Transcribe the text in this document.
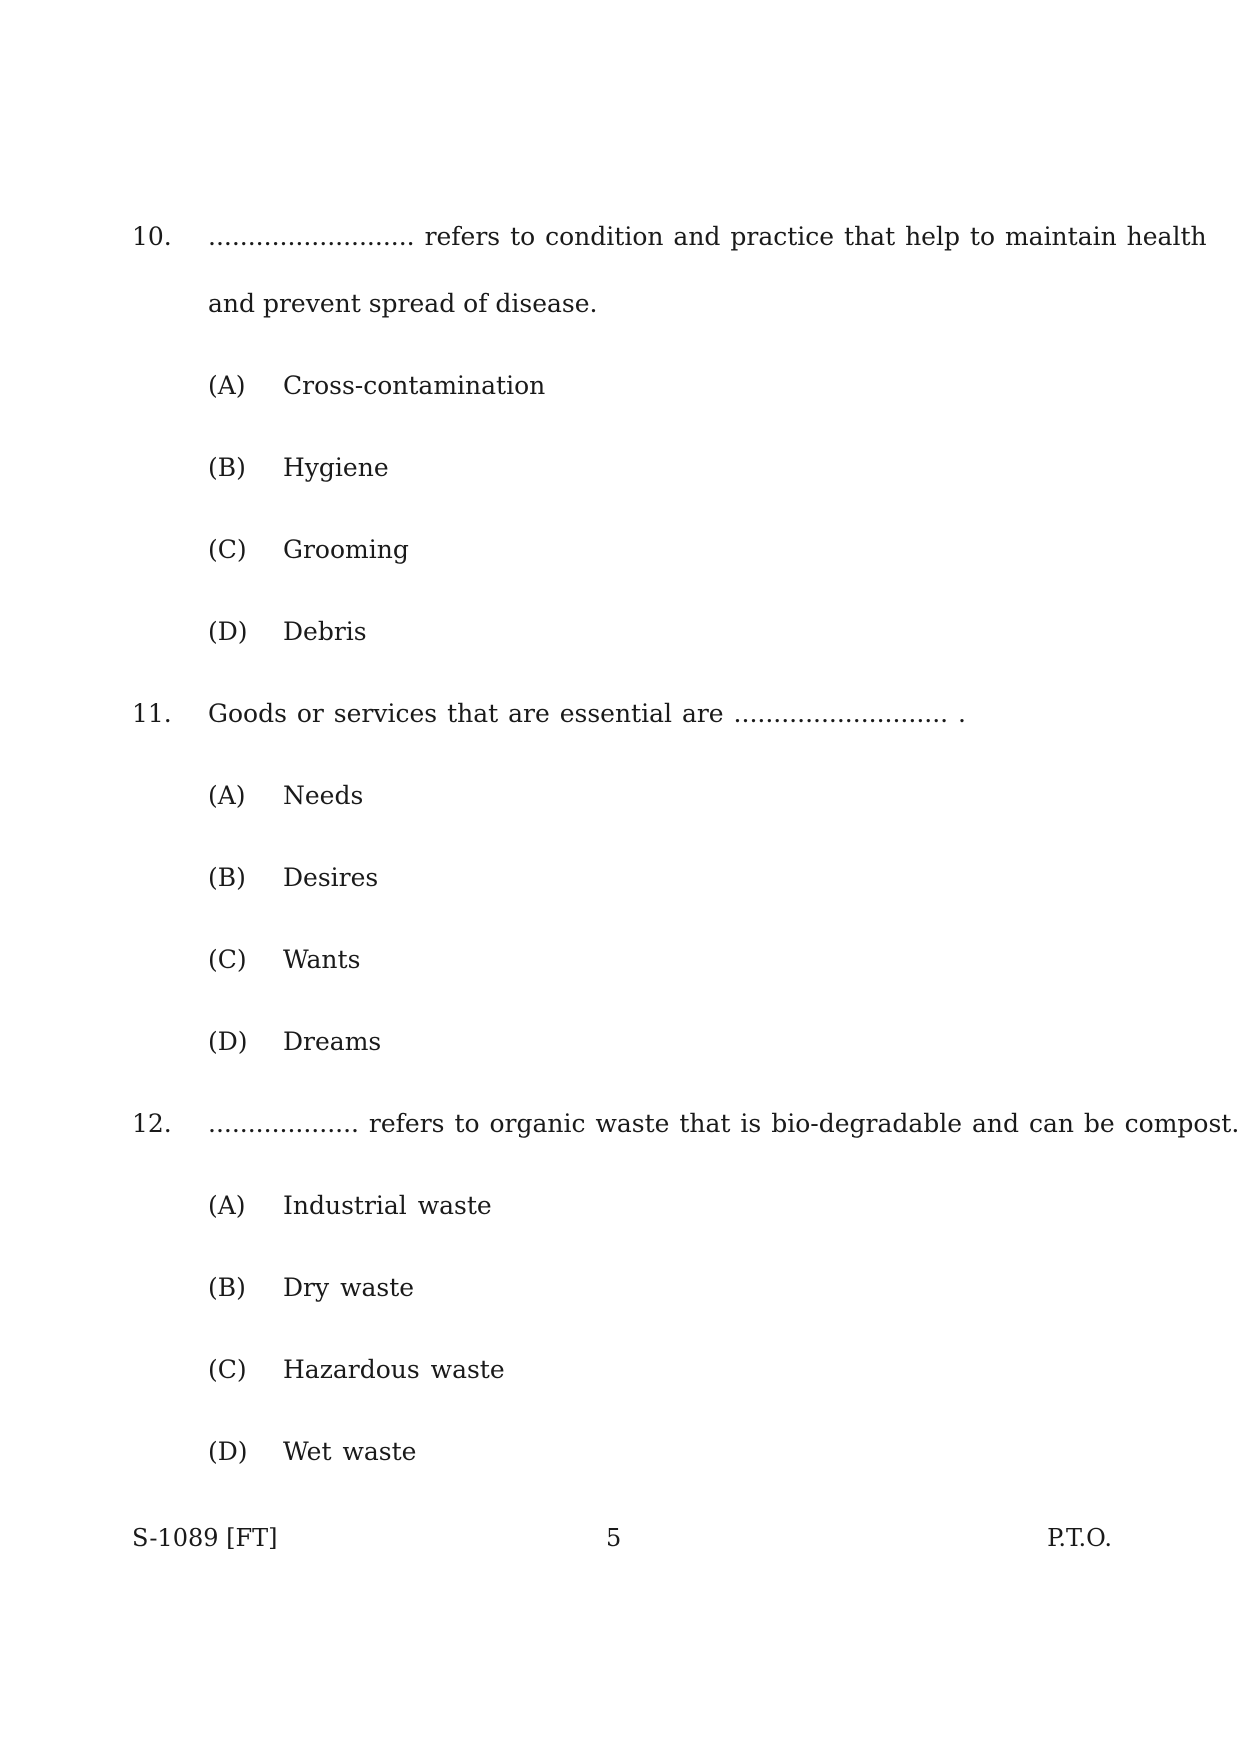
10. .......................... refers to condition and practice that help to maintain health
and prevent spread of disease.
(A) Cross-contamination
(B) Hygiene
(C) Grooming
(D) Debris
11. Goods or services that are essential are ........................... .
(A) Needs
(B) Desires
(C) Wants
(D) Dreams
12. ................... refers to organic waste that is bio-degradable and can be compost.
(A) Industrial waste
(B) Dry waste
(C) Hazardous waste
(D) Wet waste
S-1089 [FT]	5	P.T.O.
